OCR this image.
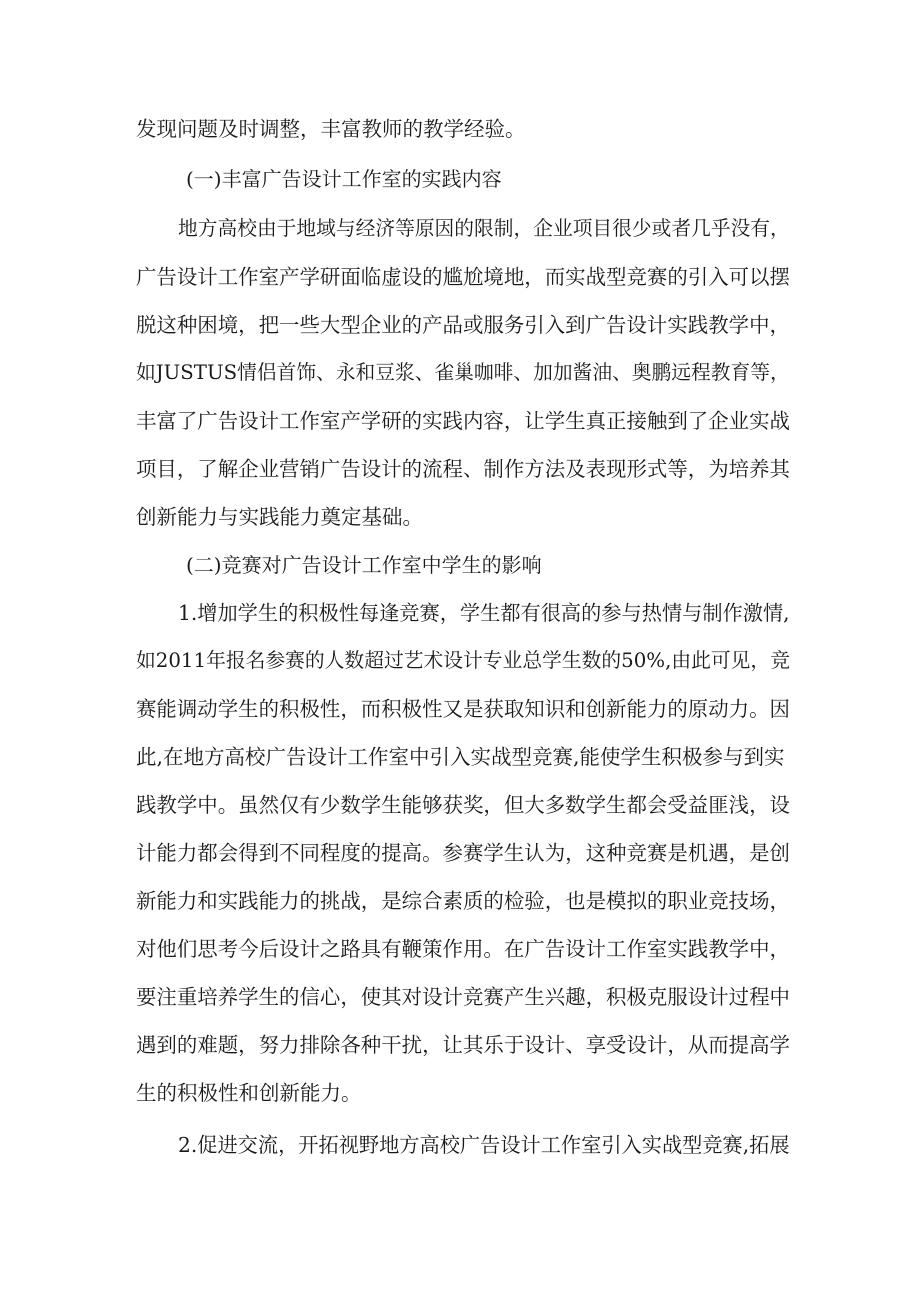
发现问题及时调整，丰富教师的教学经验。

(一)丰富广告设计工作室的实践内容

地方高校由于地域与经济等原因的限制，企业项目很少或者几乎没有，

广告设计工作室产学研面临虚设的尴尬境地，而实战型竞赛的引入可以摆

脱这种困境，把一些大型企业的产品或服务引入到广告设计实践教学中，

如JUSTUS情侣首饰、永和豆浆、雀巢咖啡、加加酱油、奥鹏远程教育等，

丰富了广告设计工作室产学研的实践内容，让学生真正接触到了企业实战

项目，了解企业营销广告设计的流程、制作方法及表现形式等，为培养其

创新能力与实践能力奠定基础。

(二)竞赛对广告设计工作室中学生的影响

1.增加学生的积极性每逢竞赛，学生都有很高的参与热情与制作激情,

如2011年报名参赛的人数超过艺术设计专业总学生数的50%,由此可见，竞

赛能调动学生的积极性，而积极性又是获取知识和创新能力的原动力。因

此,在地方高校广告设计工作室中引入实战型竞赛,能使学生积极参与到实

践教学中。虽然仅有少数学生能够获奖，但大多数学生都会受益匪浅，设

计能力都会得到不同程度的提高。参赛学生认为，这种竞赛是机遇，是创

新能力和实践能力的挑战，是综合素质的检验，也是模拟的职业竞技场，

对他们思考今后设计之路具有鞭策作用。在广告设计工作室实践教学中，

要注重培养学生的信心，使其对设计竞赛产生兴趣，积极克服设计过程中

遇到的难题，努力排除各种干扰，让其乐于设计、享受设计，从而提高学

生的积极性和创新能力。

2.促进交流，开拓视野地方高校广告设计工作室引入实战型竞赛,拓展
